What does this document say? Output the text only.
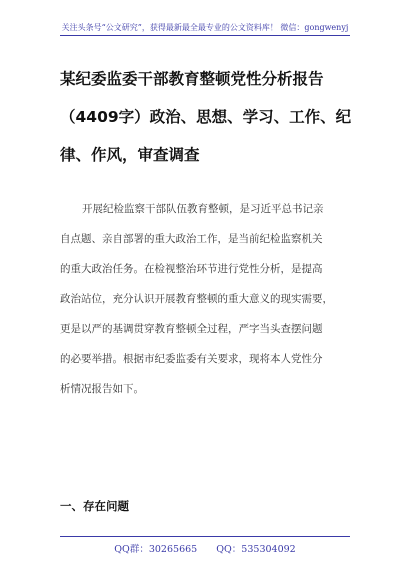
关注头条号“公文研究”，获得最新最全最专业的公文资料库！ 微信：gongwenyj
某纪委监委干部教育整顿党性分析报告
（4409字）政治、思想、学习、工作、纪
律、作风，审查调查
开展纪检监察干部队伍教育整顿，是习近平总书记亲
自点题、亲自部署的重大政治工作，是当前纪检监察机关
的重大政治任务。在检视整治环节进行党性分析，是提高
政治站位，充分认识开展教育整顿的重大意义的现实需要，
更是以严的基调贯穿教育整顿全过程，严字当头查摆问题
的必要举措。根据市纪委监委有关要求，现将本人党性分
析情况报告如下。
一、存在问题
QQ群：30265665 QQ：535304092
